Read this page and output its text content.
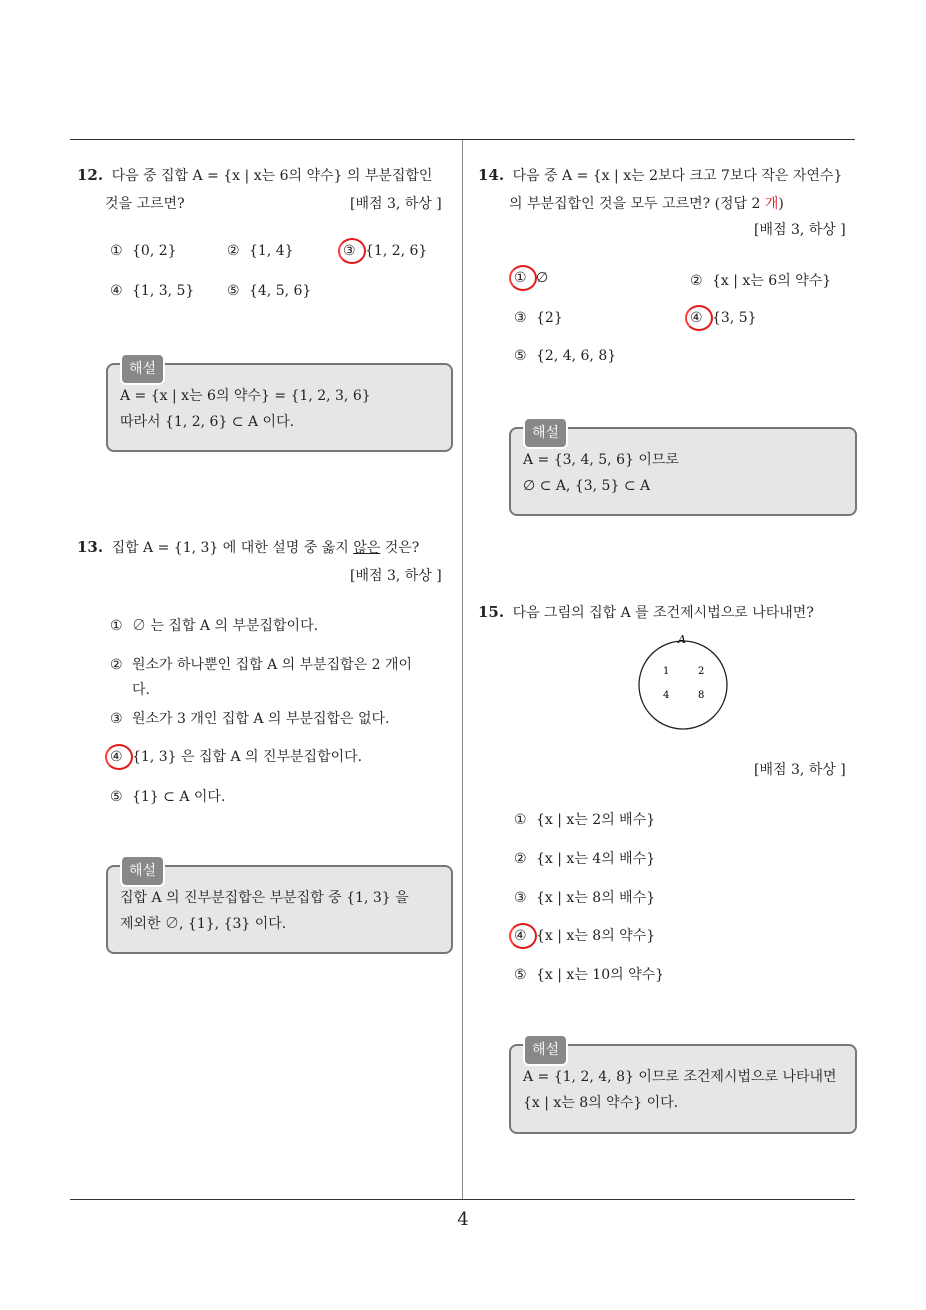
12. 다음 중 집합 A = {x | x는 6의 약수} 의 부분집합인
것을 고르면?	[배점 3, 하상 ]
① {0, 2}	② {1, 4}	③ {1, 2, 6}
④ {1, 3, 5} ⑤ {4, 5, 6}
해설
A = {x | x는 6의 약수} = {1, 2, 3, 6}
따라서 {1, 2, 6} ⊂ A 이다.
13. 집합 A = {1, 3} 에 대한 설명 중 옳지 않은 것은?
[배점 3, 하상 ]
① ∅ 는 집합 A 의 부분집합이다.
② 원소가 하나뿐인 집합 A 의 부분집합은 2 개이
다.
③ 원소가 3 개인 집합 A 의 부분집합은 없다.
④ {1, 3} 은 집합 A 의 진부분집합이다.
⑤ {1} ⊂ A 이다.
해설
집합 A 의 진부분집합은 부분집합 중 {1, 3} 을
제외한 ∅, {1}, {3} 이다.
14. 다음 중 A = {x | x는 2보다 크고 7보다 작은 자연수}
의 부분집합인 것을 모두 고르면? (정답 2 개)
[배점 3, 하상 ]
① ∅	② {x | x는 6의 약수}
③ {2}	④ {3, 5}
⑤ {2, 4, 6, 8}
해설
A = {3, 4, 5, 6} 이므로
∅ ⊂ A, {3, 5} ⊂ A
15. 다음 그림의 집합 A 를 조건제시법으로 나타내면?
A
1	2
4	8
[배점 3, 하상 ]
① {x | x는 2의 배수}
② {x | x는 4의 배수}
③ {x | x는 8의 배수}
④ {x | x는 8의 약수}
⑤ {x | x는 10의 약수}
해설
A = {1, 2, 4, 8} 이므로 조건제시법으로 나타내면
{x | x는 8의 약수} 이다.
4
